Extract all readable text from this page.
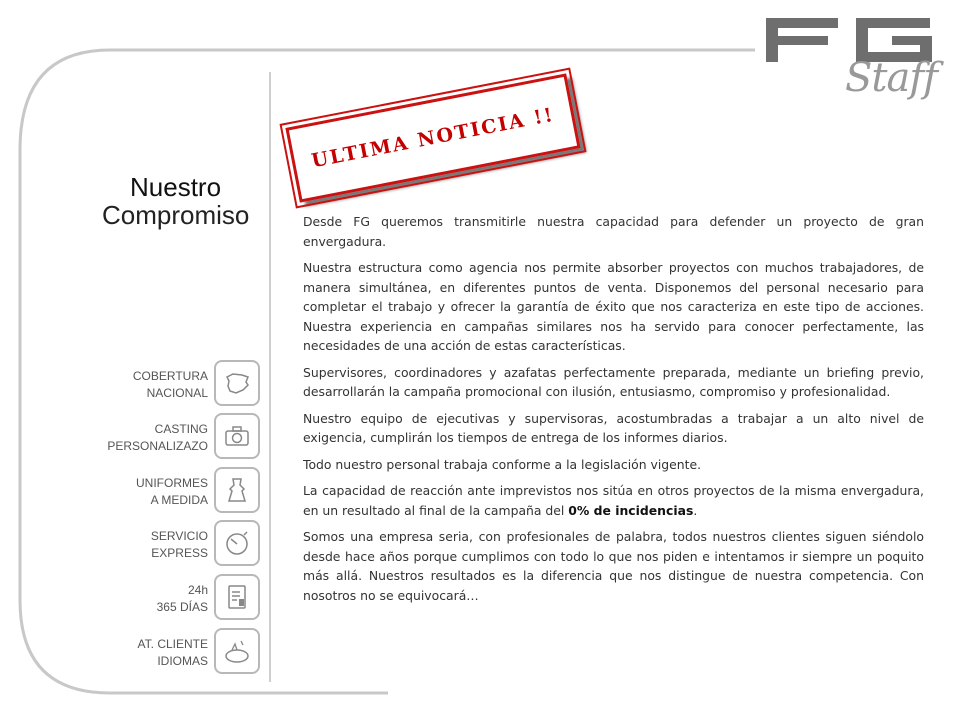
Staff
Nuestro
Compromiso
ULTIMA NOTICIA !!
COBERTURA
NACIONAL
CASTING
PERSONALIZAZO
UNIFORMES
A MEDIDA
SERVICIO
EXPRESS
24h
365 DÍAS
AT. CLIENTE
IDIOMAS

Desde FG queremos transmitirle nuestra capacidad para defender un proyecto de gran envergadura.

Nuestra estructura como agencia nos permite absorber proyectos con muchos trabajadores, de manera simultánea, en diferentes puntos de venta. Disponemos del personal necesario para completar el trabajo y ofrecer la garantía de éxito que nos caracteriza en este tipo de acciones. Nuestra experiencia en campañas similares nos ha servido para conocer perfectamente, las necesidades de una acción de estas características.

Supervisores, coordinadores y azafatas perfectamente preparada, mediante un briefing previo, desarrollarán la campaña promocional con ilusión, entusiasmo, compromiso y profesionalidad.

Nuestro equipo de ejecutivas y supervisoras, acostumbradas a trabajar a un alto nivel de exigencia, cumplirán los tiempos de entrega de los informes diarios.

Todo nuestro personal trabaja conforme a la legislación vigente.

La capacidad de reacción ante imprevistos nos sitúa en otros proyectos de la misma envergadura, en un resultado al final de la campaña del 0% de incidencias.

Somos una empresa seria, con profesionales de palabra, todos nuestros clientes siguen siéndolo desde hace años porque cumplimos con todo lo que nos piden e intentamos ir siempre un poquito más allá. Nuestros resultados es la diferencia que nos distingue de nuestra competencia. Con nosotros no se equivocará…
